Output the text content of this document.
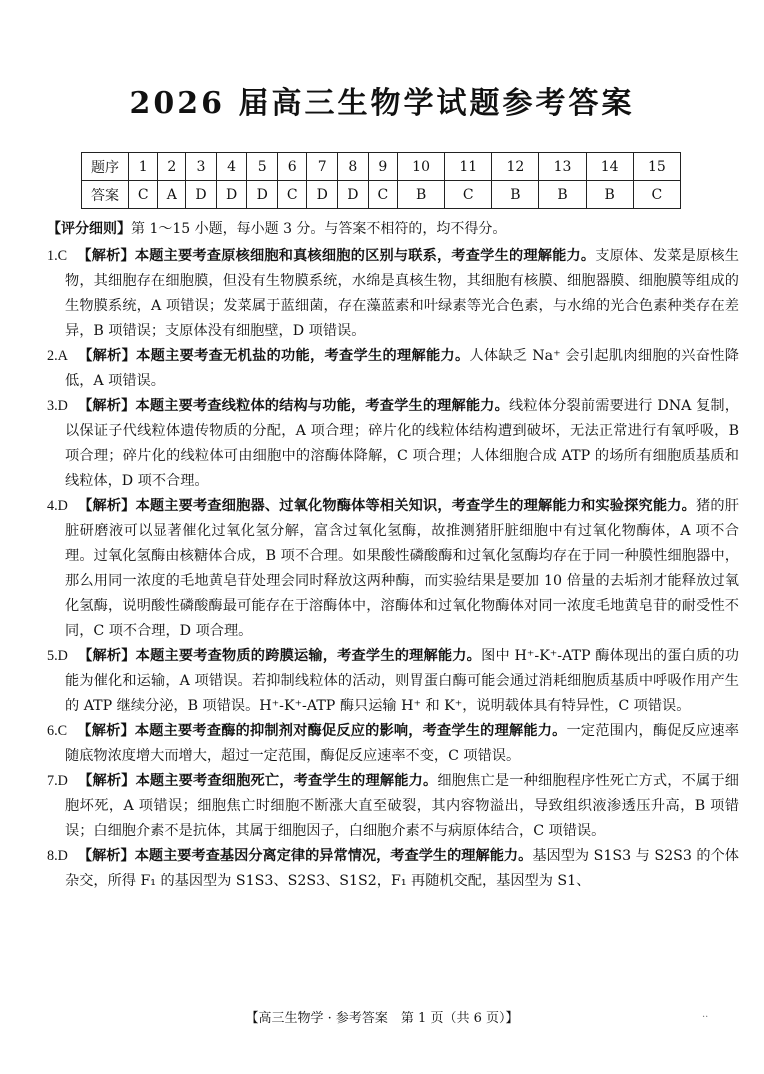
2026 届高三生物学试题参考答案
题序	1	2	3	4	5	6	7	8	9	10	11	12	13	14	15
答案	C	A	D	D	D	C	D	D	C	B	C	B	B	B	C
【评分细则】第 1～15 小题，每小题 3 分。与答案不相符的，均不得分。

1.C 【解析】本题主要考查原核细胞和真核细胞的区别与联系，考查学生的理解能力。支原体、发菜是原核生物，其细胞存在细胞膜，但没有生物膜系统，水绵是真核生物，其细胞有核膜、细胞器膜、细胞膜等组成的生物膜系统，A 项错误；发菜属于蓝细菌，存在藻蓝素和叶绿素等光合色素，与水绵的光合色素种类存在差异，B 项错误；支原体没有细胞壁，D 项错误。

2.A 【解析】本题主要考查无机盐的功能，考查学生的理解能力。人体缺乏 Na⁺ 会引起肌肉细胞的兴奋性降低，A 项错误。

3.D 【解析】本题主要考查线粒体的结构与功能，考查学生的理解能力。线粒体分裂前需要进行 DNA 复制，以保证子代线粒体遗传物质的分配，A 项合理；碎片化的线粒体结构遭到破坏，无法正常进行有氧呼吸，B 项合理；碎片化的线粒体可由细胞中的溶酶体降解，C 项合理；人体细胞合成 ATP 的场所有细胞质基质和线粒体，D 项不合理。

4.D 【解析】本题主要考查细胞器、过氧化物酶体等相关知识，考查学生的理解能力和实验探究能力。猪的肝脏研磨液可以显著催化过氧化氢分解，富含过氧化氢酶，故推测猪肝脏细胞中有过氧化物酶体，A 项不合理。过氧化氢酶由核糖体合成，B 项不合理。如果酸性磷酸酶和过氧化氢酶均存在于同一种膜性细胞器中，那么用同一浓度的毛地黄皂苷处理会同时释放这两种酶，而实验结果是要加 10 倍量的去垢剂才能释放过氧化氢酶，说明酸性磷酸酶最可能存在于溶酶体中，溶酶体和过氧化物酶体对同一浓度毛地黄皂苷的耐受性不同，C 项不合理，D 项合理。

5.D 【解析】本题主要考查物质的跨膜运输，考查学生的理解能力。图中 H⁺-K⁺-ATP 酶体现出的蛋白质的功能为催化和运输，A 项错误。若抑制线粒体的活动，则胃蛋白酶可能会通过消耗细胞质基质中呼吸作用产生的 ATP 继续分泌，B 项错误。H⁺-K⁺-ATP 酶只运输 H⁺ 和 K⁺，说明载体具有特异性，C 项错误。

6.C 【解析】本题主要考查酶的抑制剂对酶促反应的影响，考查学生的理解能力。一定范围内，酶促反应速率随底物浓度增大而增大，超过一定范围，酶促反应速率不变，C 项错误。

7.D 【解析】本题主要考查细胞死亡，考查学生的理解能力。细胞焦亡是一种细胞程序性死亡方式，不属于细胞坏死，A 项错误；细胞焦亡时细胞不断涨大直至破裂，其内容物溢出，导致组织液渗透压升高，B 项错误；白细胞介素不是抗体，其属于细胞因子，白细胞介素不与病原体结合，C 项错误。

8.D 【解析】本题主要考查基因分离定律的异常情况，考查学生的理解能力。基因型为 S1S3 与 S2S3 的个体杂交，所得 F₁ 的基因型为 S1S3、S2S3、S1S2，F₁ 再随机交配，基因型为 S1、

【高三生物学 · 参考答案　第 1 页（共 6 页）】	··
